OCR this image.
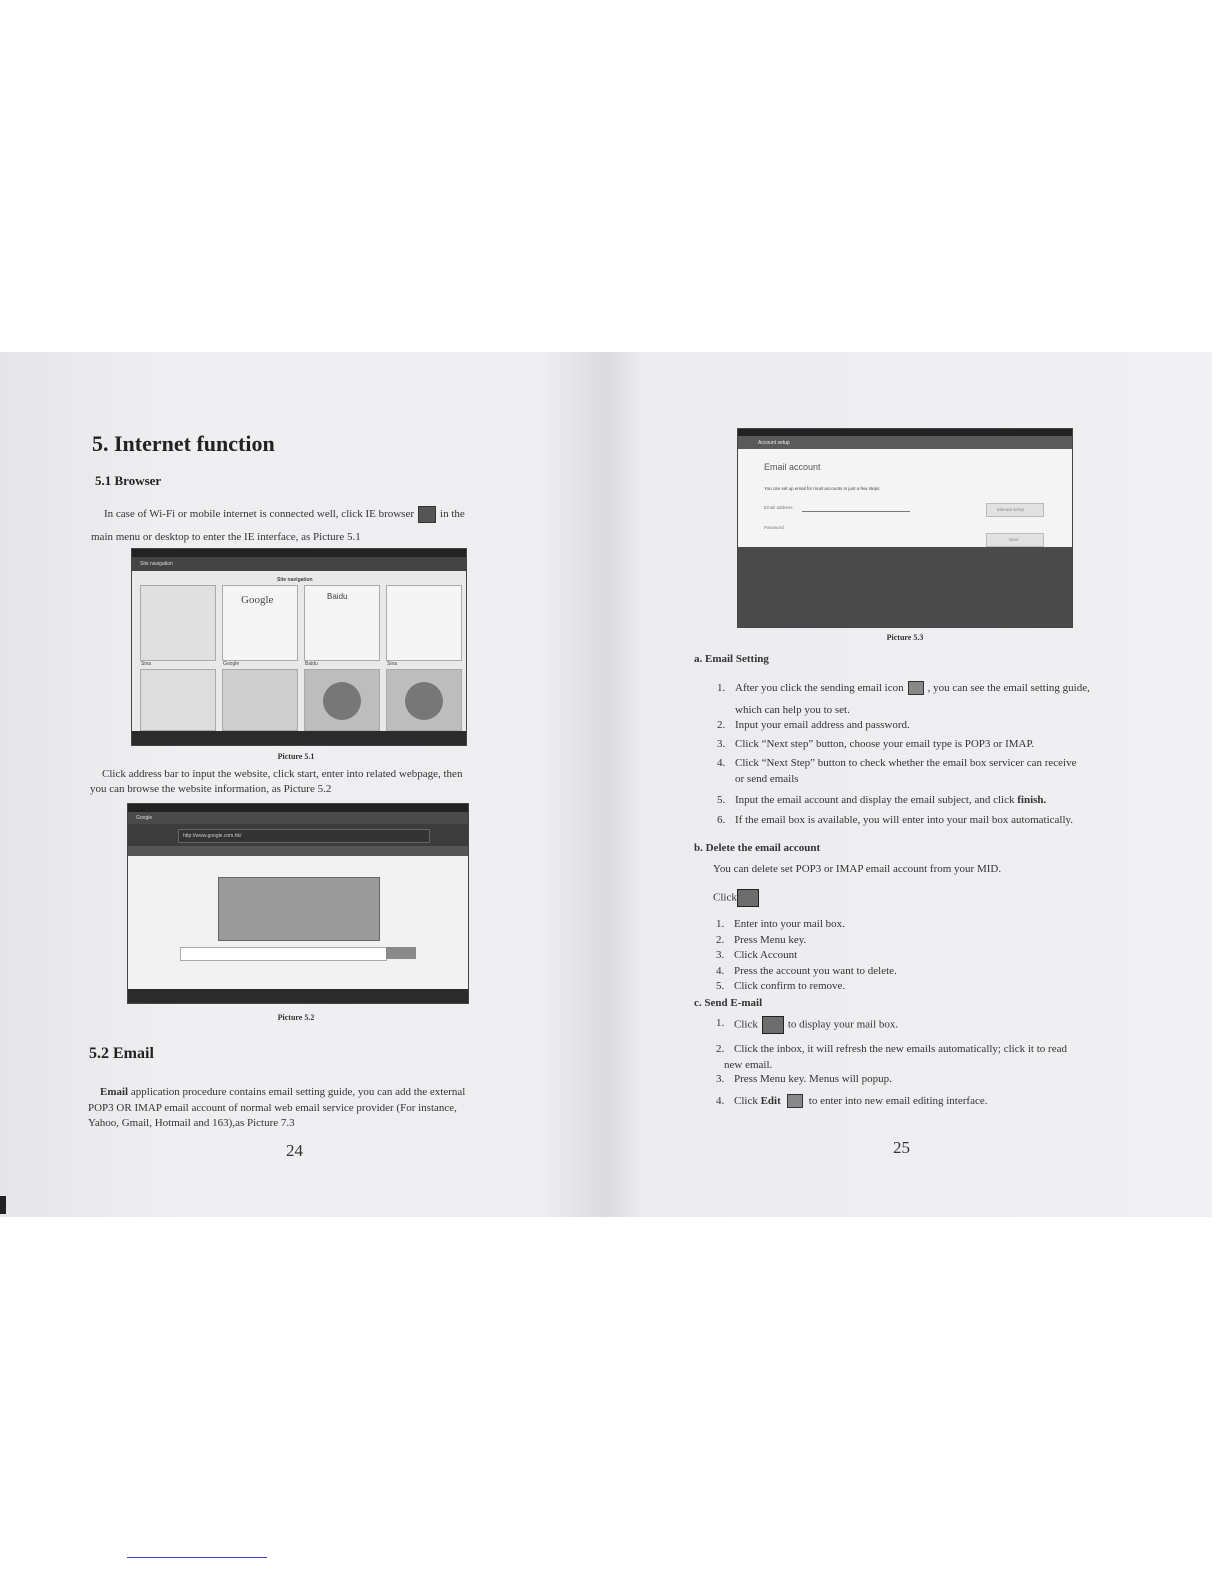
5. Internet function
5.1 Browser
In case of Wi-Fi or mobile internet is connected well, click IE browser in the
main menu or desktop to enter the IE interface, as Picture 5.1
Site navigation
Site navigation
Google	Baidu
Sina	Google	Baidu	Sina
Picture 5.1
Click address bar to input the website, click start, enter into related webpage, then
you can browse the website information, as Picture 5.2
Google
http://www.google.com.hk/
Picture 5.2
5.2 Email
Email application procedure contains email setting guide, you can add the external
POP3 OR IMAP email account of normal web email service provider (For instance,
Yahoo, Gmail, Hotmail and 163),as Picture 7.3
24
Account setup
Email account
You can set up email for most accounts in just a few steps.
Email address
Password
Manual setup
Next
Picture 5.3
a. Email Setting
1. After you click the sending email icon , you can see the email setting guide,
which can help you to set.
2. Input your email address and password.
3. Click “Next step” button, choose your email type is POP3 or IMAP.
4. Click “Next Step” button to check whether the email box servicer can receive
or send emails
5. Input the email account and display the email subject, and click finish.
6. If the email box is available, you will enter into your mail box automatically.
b. Delete the email account
You can delete set POP3 or IMAP email account from your MID.
Click
1. Enter into your mail box.
2. Press Menu key.
3. Click Account
4. Press the account you want to delete.
5. Click confirm to remove.
c. Send E-mail
1. Click	to display your mail box.
2. Click the inbox, it will refresh the new emails automatically; click it to read
new email.
3. Press Menu key. Menus will popup.
4. Click Edit	to enter into new email editing interface.
25
